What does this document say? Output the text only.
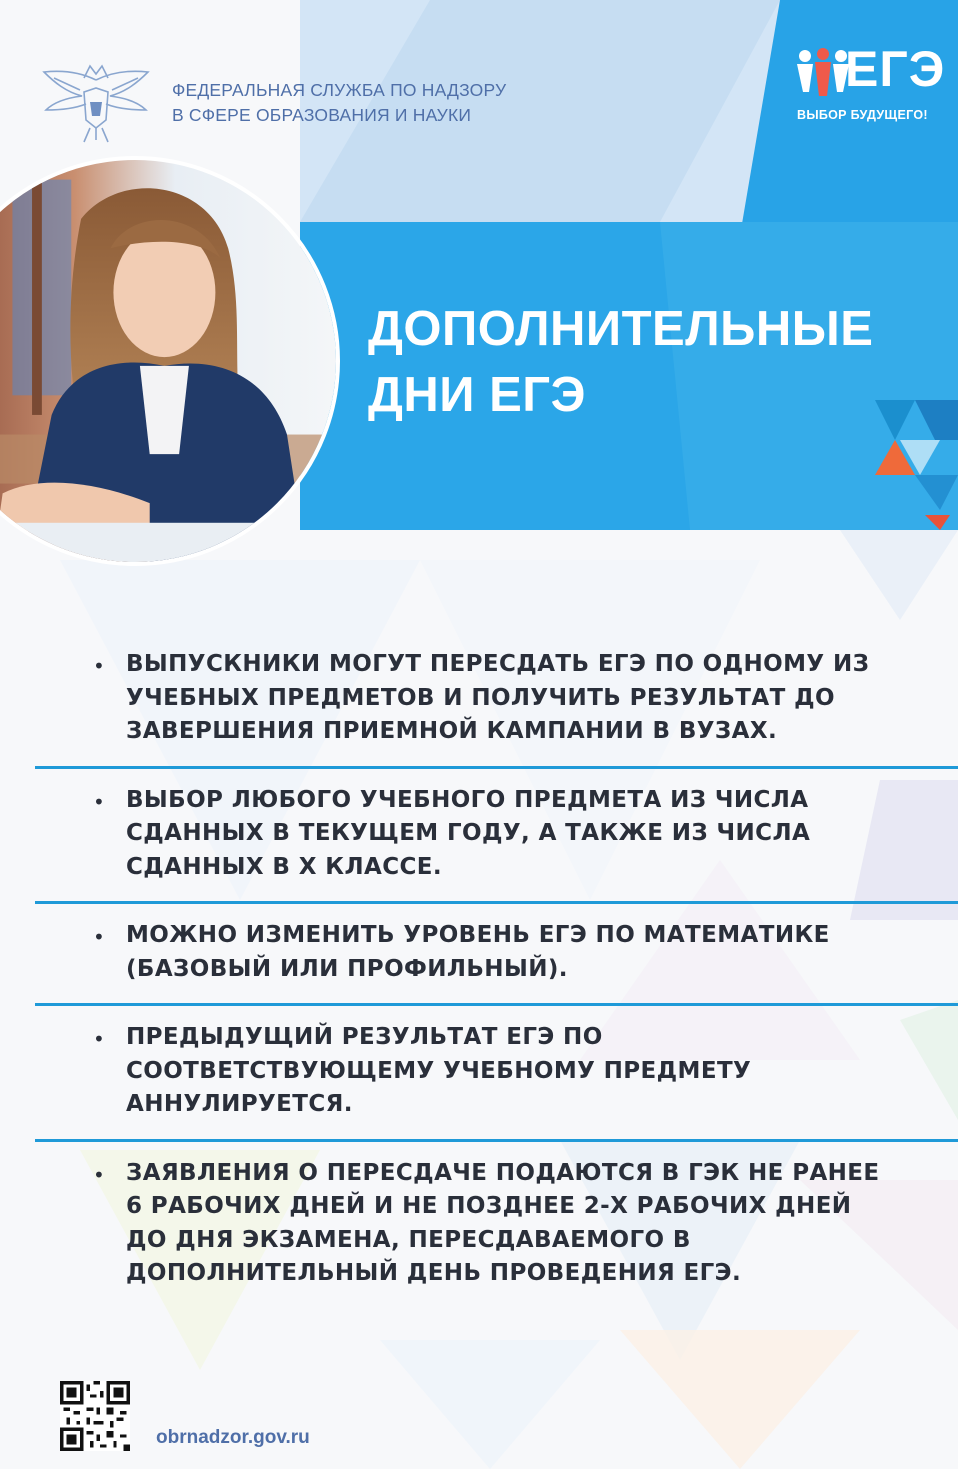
ФЕДЕРАЛЬНАЯ СЛУЖБА ПО НАДЗОРУ
В СФЕРЕ ОБРАЗОВАНИЯ И НАУКИ
ЕГЭ
ВЫБОР БУДУЩЕГО!
ДОПОЛНИТЕЛЬНЫЕ
ДНИ ЕГЭ
• ВЫПУСКНИКИ МОГУТ ПЕРЕСДАТЬ ЕГЭ ПО ОДНОМУ ИЗ УЧЕБНЫХ ПРЕДМЕТОВ И ПОЛУЧИТЬ РЕЗУЛЬТАТ ДО ЗАВЕРШЕНИЯ ПРИЕМНОЙ КАМПАНИИ В ВУЗАХ.
• ВЫБОР ЛЮБОГО УЧЕБНОГО ПРЕДМЕТА ИЗ ЧИСЛА СДАННЫХ В ТЕКУЩЕМ ГОДУ, А ТАКЖЕ ИЗ ЧИСЛА СДАННЫХ В Х КЛАССЕ.
• МОЖНО ИЗМЕНИТЬ УРОВЕНЬ ЕГЭ ПО МАТЕМАТИКЕ (БАЗОВЫЙ ИЛИ ПРОФИЛЬНЫЙ).
• ПРЕДЫДУЩИЙ РЕЗУЛЬТАТ ЕГЭ ПО СООТВЕТСТВУЮЩЕМУ УЧЕБНОМУ ПРЕДМЕТУ АННУЛИРУЕТСЯ.
• ЗАЯВЛЕНИЯ О ПЕРЕСДАЧЕ ПОДАЮТСЯ В ГЭК НЕ РАНЕЕ 6 РАБОЧИХ ДНЕЙ И НЕ ПОЗДНЕЕ 2-Х РАБОЧИХ ДНЕЙ ДО ДНЯ ЭКЗАМЕНА, ПЕРЕСДАВАЕМОГО В ДОПОЛНИТЕЛЬНЫЙ ДЕНЬ ПРОВЕДЕНИЯ ЕГЭ.
obrnadzor.gov.ru
